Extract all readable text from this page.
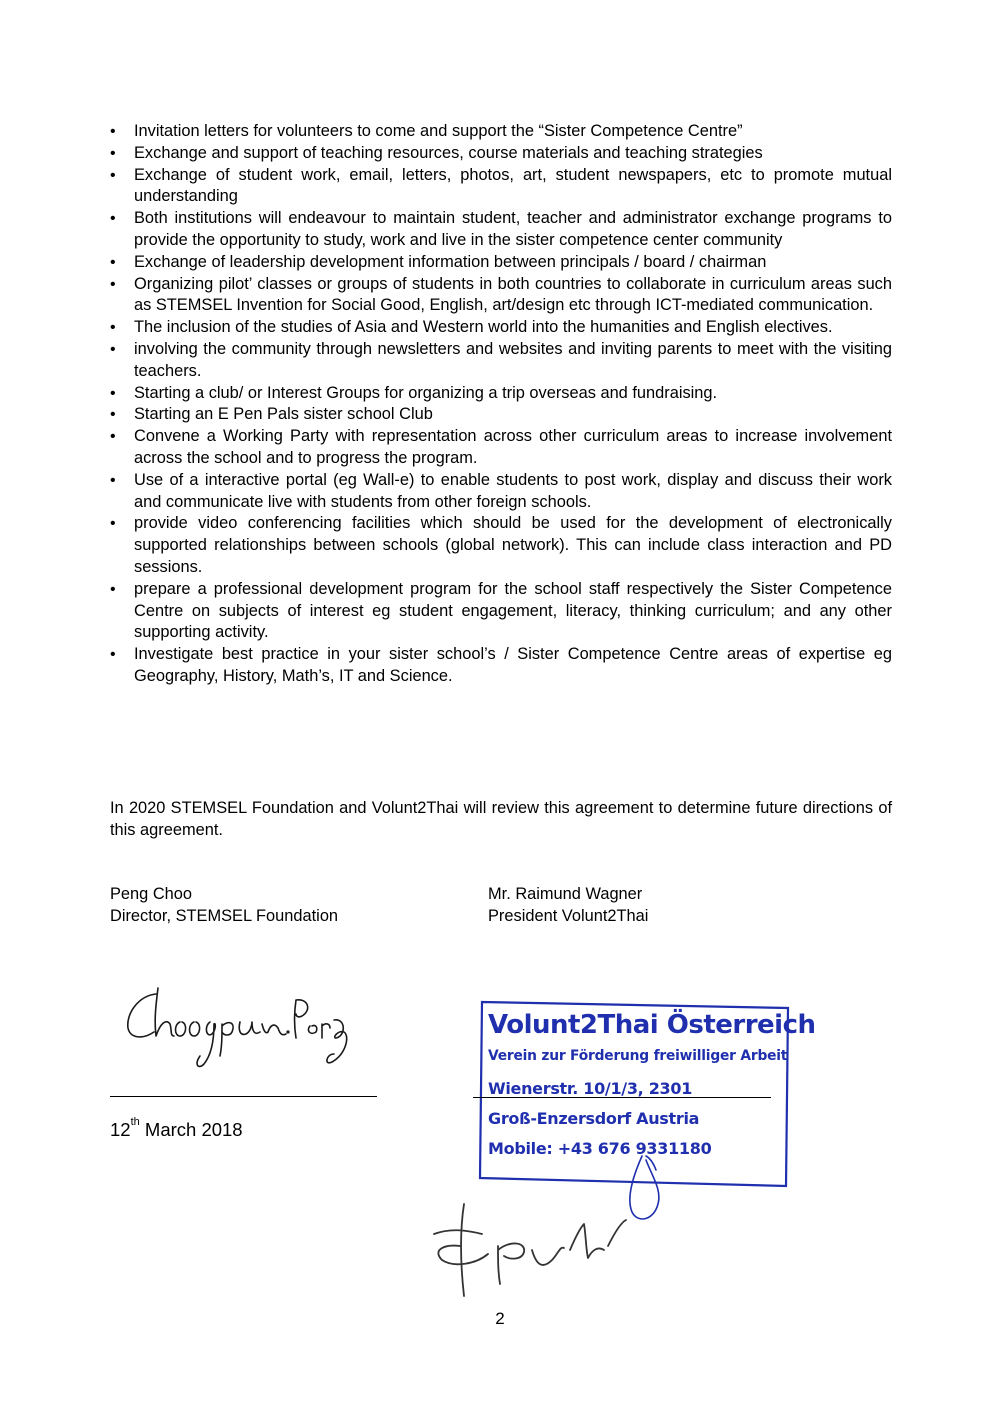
• Invitation letters for volunteers to come and support the “Sister Competence Centre”
• Exchange and support of teaching resources, course materials and teaching strategies
• Exchange of student work, email, letters, photos, art, student newspapers, etc to promote mutual understanding
• Both institutions will endeavour to maintain student, teacher and administrator exchange programs to provide the opportunity to study, work and live in the sister competence center community
• Exchange of leadership development information between principals / board / chairman
• Organizing pilot’ classes or groups of students in both countries to collaborate in curriculum areas such as STEMSEL Invention for Social Good, English, art/design etc through ICT-mediated communication.
• The inclusion of the studies of Asia and Western world into the humanities and English electives.
• involving the community through newsletters and websites and inviting parents to meet with the visiting teachers.
• Starting a club/ or Interest Groups for organizing a trip overseas and fundraising.
• Starting an E Pen Pals sister school Club
• Convene a Working Party with representation across other curriculum areas to increase involvement across the school and to progress the program.
• Use of a interactive portal (eg Wall-e) to enable students to post work, display and discuss their work and communicate live with students from other foreign schools.
• provide video conferencing facilities which should be used for the development of electronically supported relationships between schools (global network). This can include class interaction and PD sessions.
• prepare a professional development program for the school staff respectively the Sister Competence Centre on subjects of interest eg student engagement, literacy, thinking curriculum; and any other supporting activity.
• Investigate best practice in your sister school’s / Sister Competence Centre areas of expertise eg Geography, History, Math’s, IT and Science.

In 2020 STEMSEL Foundation and Volunt2Thai will review this agreement to determine future directions of this agreement.

Peng Choo
Director, STEMSEL Foundation
Mr. Raimund Wagner
President Volunt2Thai
12th March 2018
Volunt2Thai Österreich
Verein zur Förderung freiwilliger Arbeit
Wienerstr. 10/1/3, 2301
Groß-Enzersdorf Austria
Mobile: +43 676 9331180
2
